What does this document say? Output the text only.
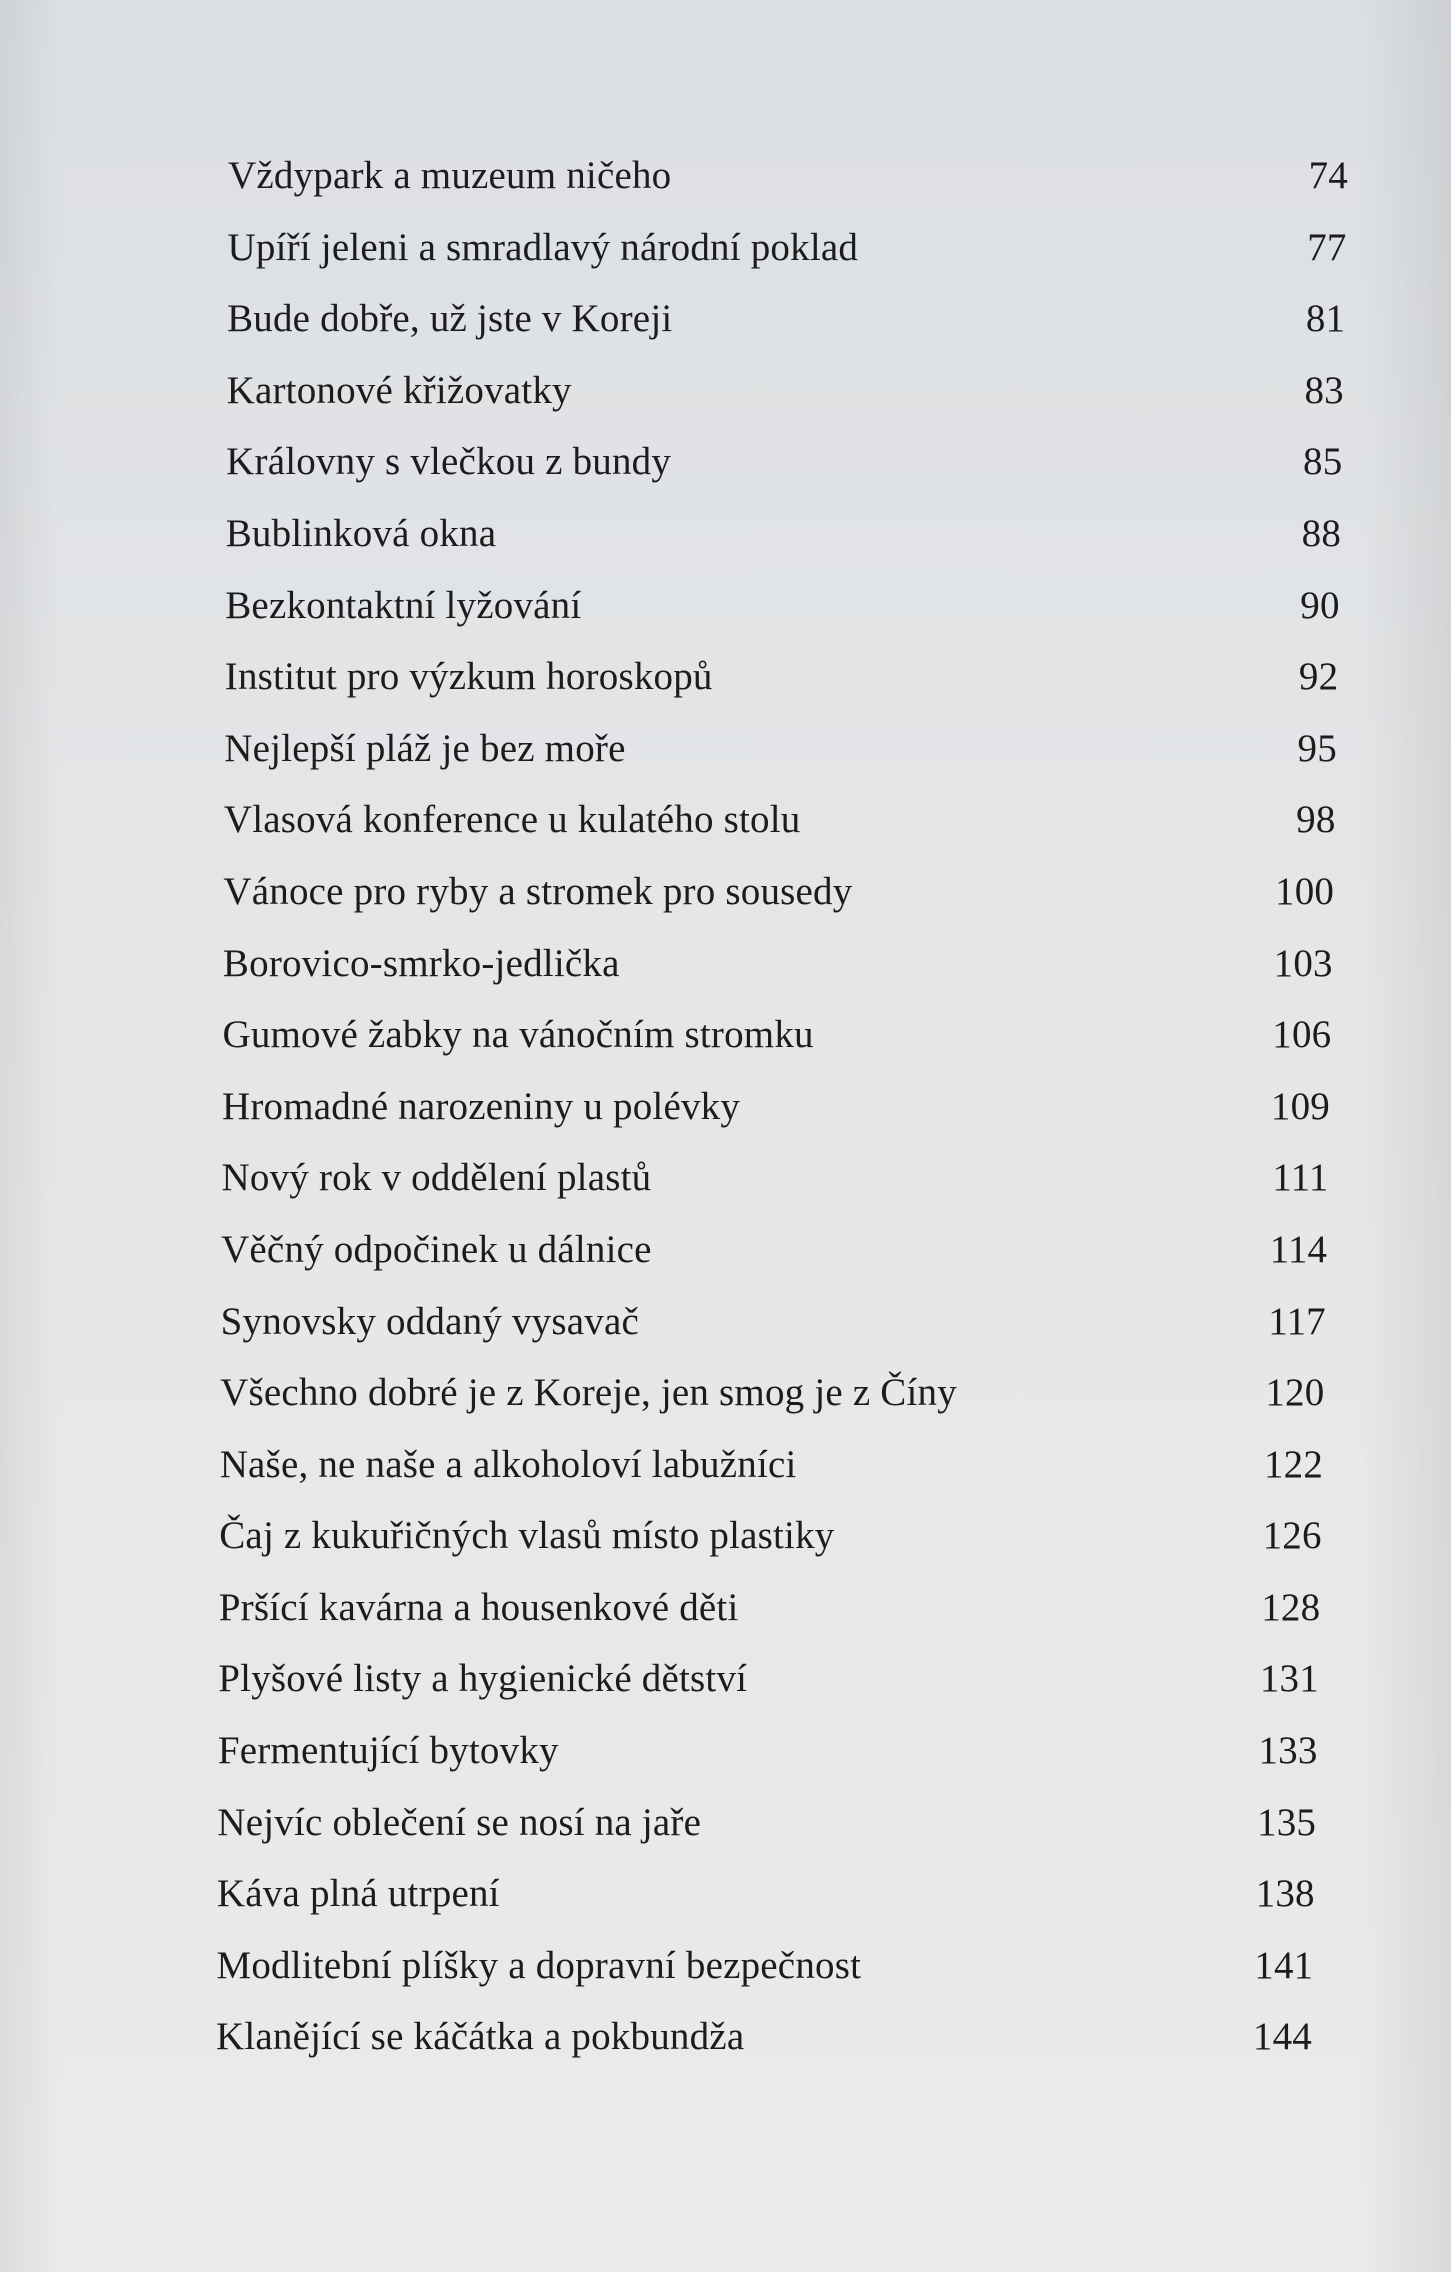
Vždypark a muzeum ničeho	74
Upíří jeleni a smradlavý národní poklad	77
Bude dobře, už jste v Koreji	81
Kartonové křižovatky	83
Královny s vlečkou z bundy	85
Bublinková okna	88
Bezkontaktní lyžování	90
Institut pro výzkum horoskopů	92
Nejlepší pláž je bez moře	95
Vlasová konference u kulatého stolu	98
Vánoce pro ryby a stromek pro sousedy	100
Borovico-smrko-jedlička	103
Gumové žabky na vánočním stromku	106
Hromadné narozeniny u polévky	109
Nový rok v oddělení plastů	111
Věčný odpočinek u dálnice	114
Synovsky oddaný vysavač	117
Všechno dobré je z Koreje, jen smog je z Číny	120
Naše, ne naše a alkoholoví labužníci	122
Čaj z kukuřičných vlasů místo plastiky	126
Pršící kavárna a housenkové děti	128
Plyšové listy a hygienické dětství	131
Fermentující bytovky	133
Nejvíc oblečení se nosí na jaře	135
Káva plná utrpení	138
Modlitební plíšky a dopravní bezpečnost	141
Klanějící se káčátka a pokbundža	144
